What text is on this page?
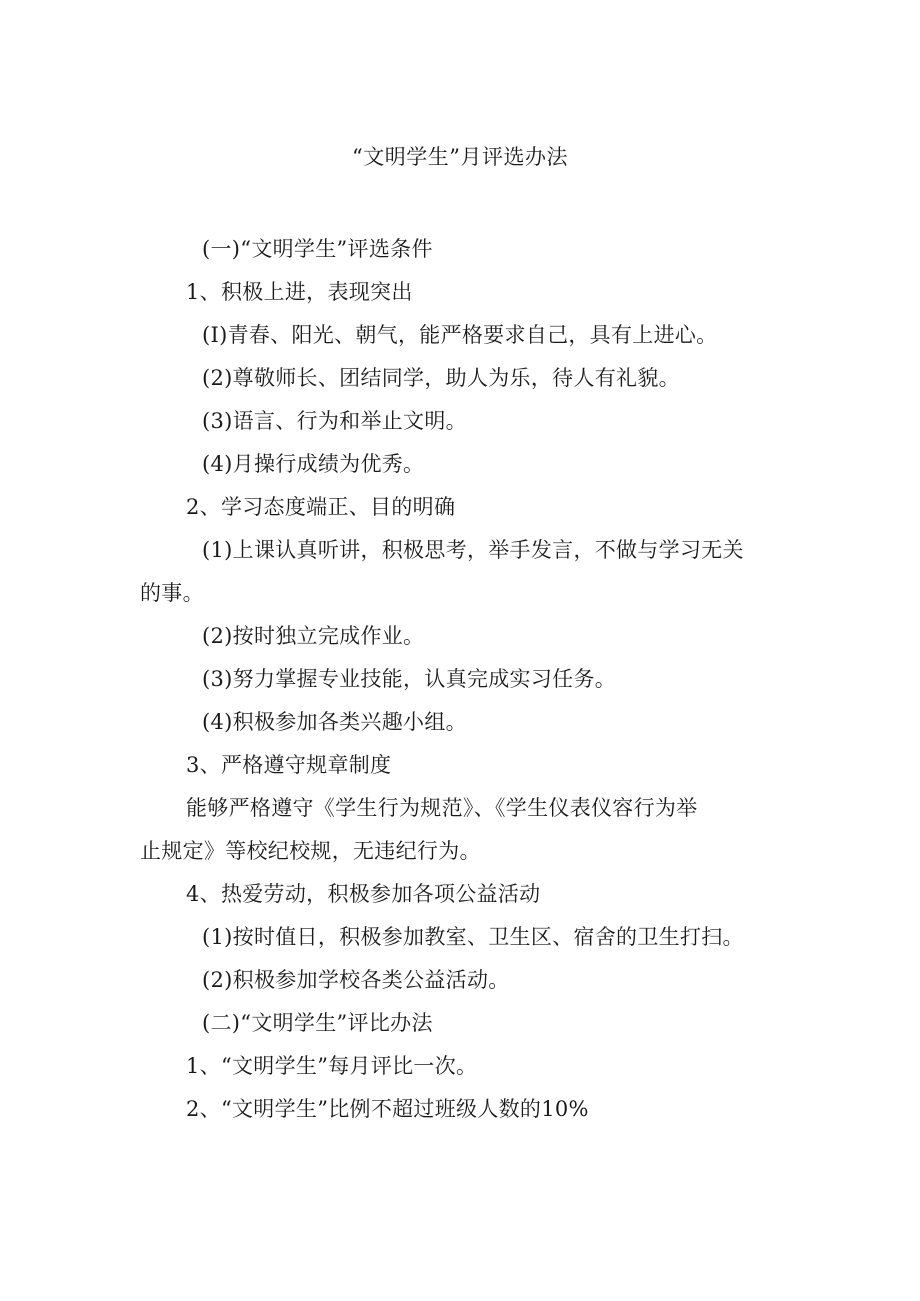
“文明学生”月评选办法
(一)“文明学生”评选条件
1、积极上进，表现突出
(I)青春、阳光、朝气，能严格要求自己，具有上进心。
(2)尊敬师长、团结同学，助人为乐，待人有礼貌。
(3)语言、行为和举止文明。
(4)月操行成绩为优秀。
2、学习态度端正、目的明确
(1)上课认真听讲，积极思考，举手发言，不做与学习无关
的事。
(2)按时独立完成作业。
(3)努力掌握专业技能，认真完成实习任务。
(4)积极参加各类兴趣小组。
3、严格遵守规章制度
能够严格遵守《学生行为规范》、《学生仪表仪容行为举
止规定》等校纪校规，无违纪行为。
4、热爱劳动，积极参加各项公益活动
(1)按时值日，积极参加教室、卫生区、宿舍的卫生打扫。
(2)积极参加学校各类公益活动。
(二)“文明学生”评比办法
1、“文明学生”每月评比一次。
2、“文明学生”比例不超过班级人数的10%
